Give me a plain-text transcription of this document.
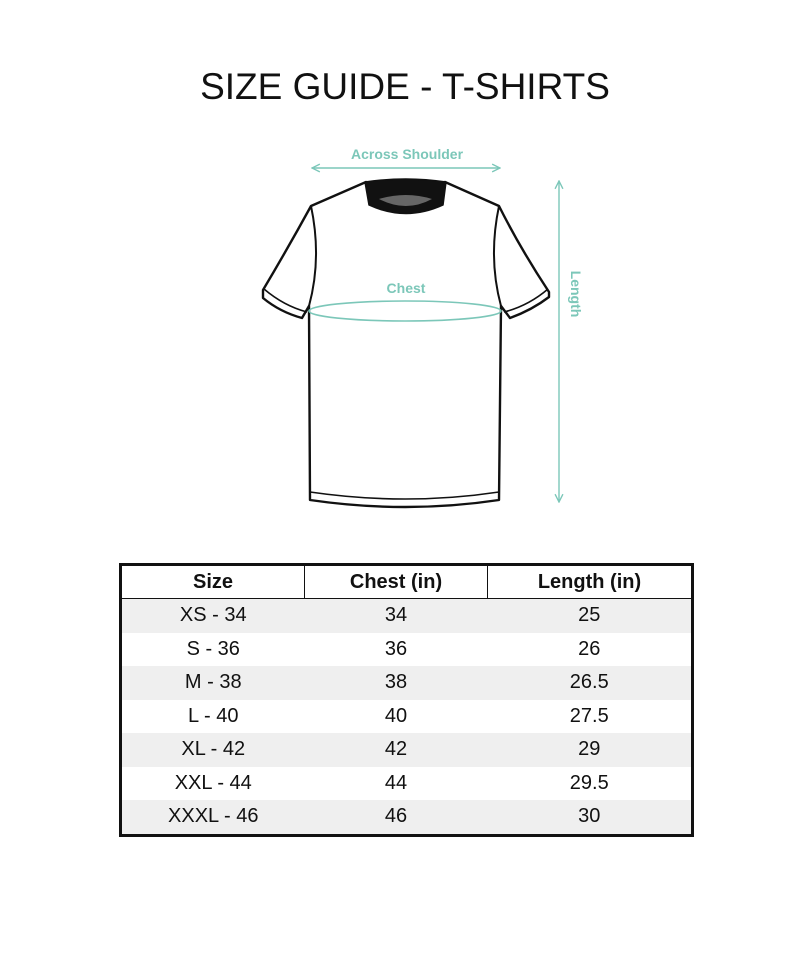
SIZE GUIDE - T-SHIRTS
Across Shoulder
Chest	Length
Size	Chest (in)	Length (in)
XS - 34	34	25
S - 36	36	26
M - 38	38	26.5
L - 40	40	27.5
XL - 42	42	29
XXL - 44	44	29.5
XXXL - 46	46	30
